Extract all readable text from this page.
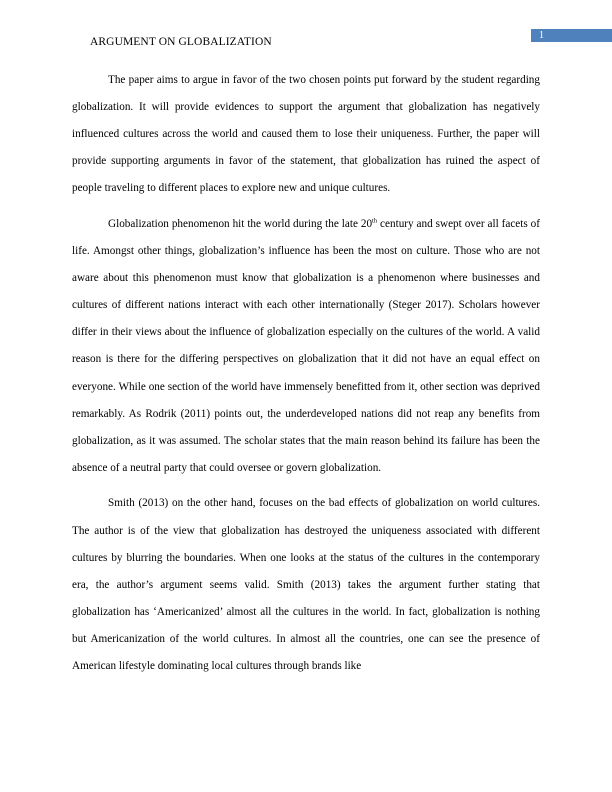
ARGUMENT ON GLOBALIZATION
1

The paper aims to argue in favor of the two chosen points put forward by the student regarding globalization. It will provide evidences to support the argument that globalization has negatively influenced cultures across the world and caused them to lose their uniqueness. Further, the paper will provide supporting arguments in favor of the statement, that globalization has ruined the aspect of people traveling to different places to explore new and unique cultures.

Globalization phenomenon hit the world during the late 20th century and swept over all facets of life. Amongst other things, globalization’s influence has been the most on culture. Those who are not aware about this phenomenon must know that globalization is a phenomenon where businesses and cultures of different nations interact with each other internationally (Steger 2017). Scholars however differ in their views about the influence of globalization especially on the cultures of the world. A valid reason is there for the differing perspectives on globalization that it did not have an equal effect on everyone. While one section of the world have immensely benefitted from it, other section was deprived remarkably. As Rodrik (2011) points out, the underdeveloped nations did not reap any benefits from globalization, as it was assumed. The scholar states that the main reason behind its failure has been the absence of a neutral party that could oversee or govern globalization.

Smith (2013) on the other hand, focuses on the bad effects of globalization on world cultures. The author is of the view that globalization has destroyed the uniqueness associated with different cultures by blurring the boundaries. When one looks at the status of the cultures in the contemporary era, the author’s argument seems valid. Smith (2013) takes the argument further stating that globalization has ‘Americanized’ almost all the cultures in the world. In fact, globalization is nothing but Americanization of the world cultures. In almost all the countries, one can see the presence of American lifestyle dominating local cultures through brands like
